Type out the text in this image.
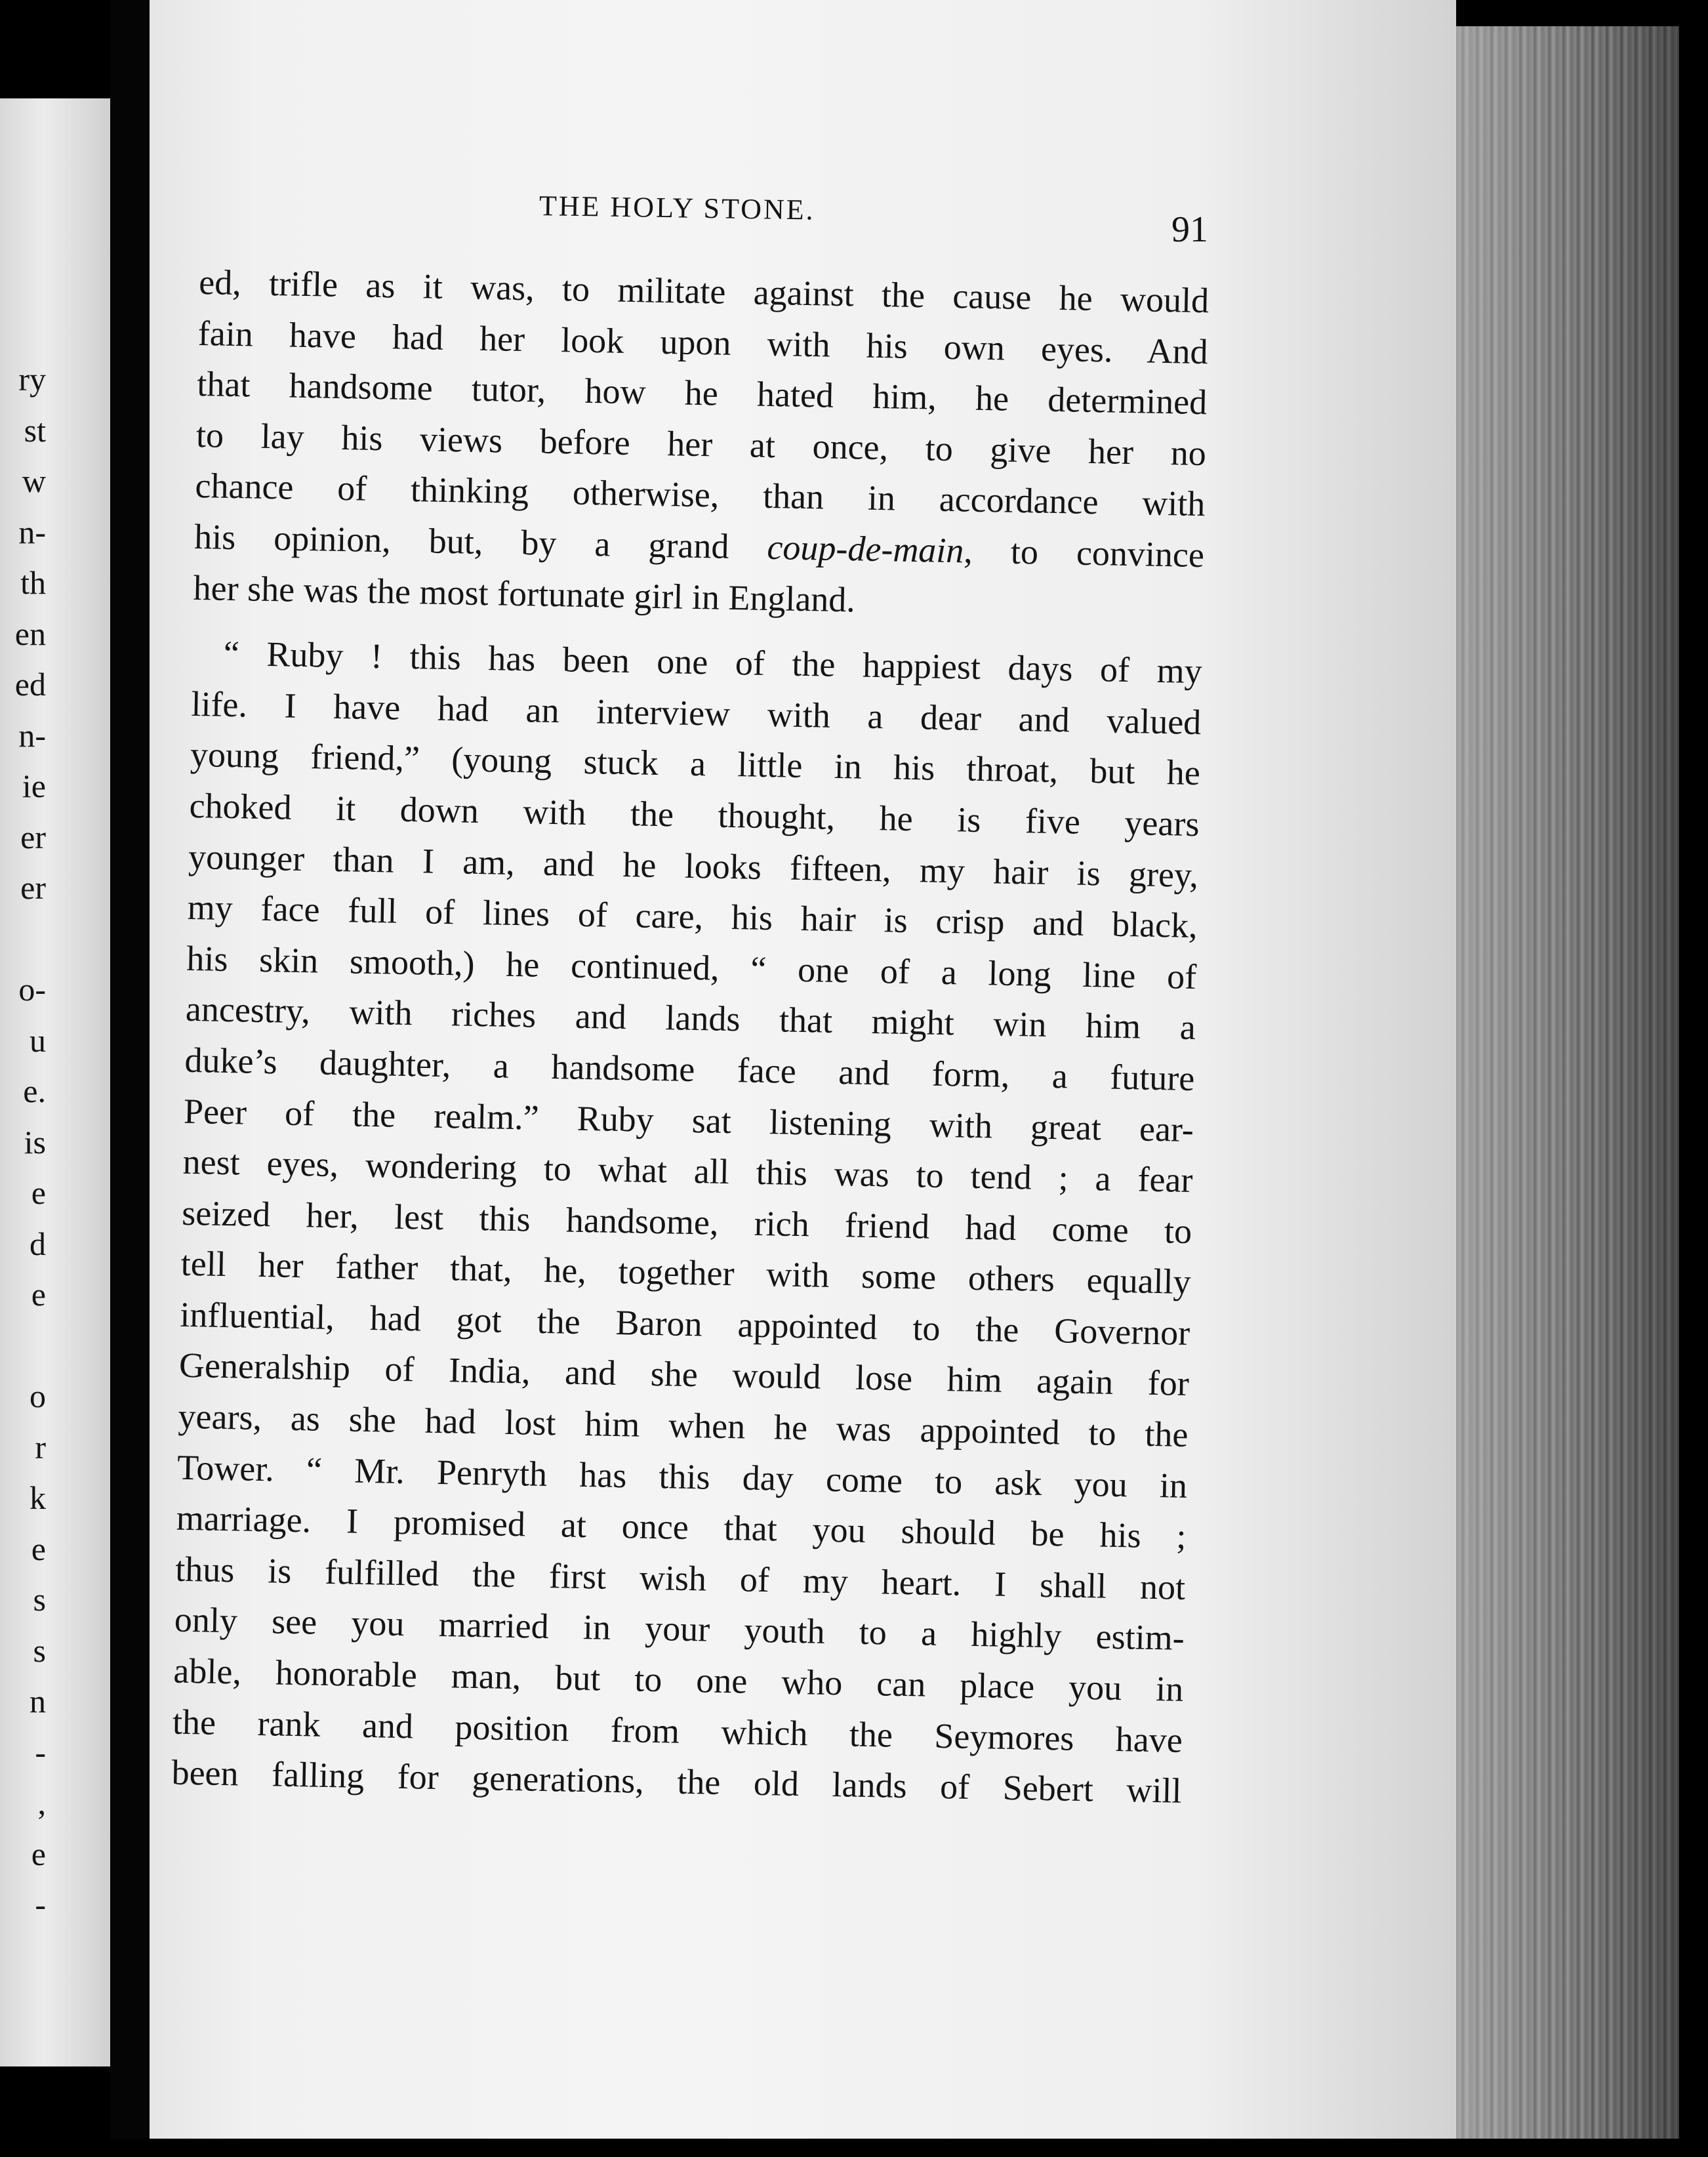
ry
st
w
n-
th
en
ed
n-
ie
er
er
o-
u
e.
is
e
d
e
o
r
k
e
s
s
n
-
,
e
-
THE HOLY STONE.
91
ed, trifle as it was, to militate against the cause he would
fain have had her look upon with his own eyes. And
that handsome tutor, how he hated him, he determined
to lay his views before her at once, to give her no
chance of thinking otherwise, than in accordance with
his opinion, but, by a grand coup-de-main, to convince
her she was the most fortunate girl in England.
“ Ruby ! this has been one of the happiest days of my
life. I have had an interview with a dear and valued
young friend,” (young stuck a little in his throat, but he
choked it down with the thought, he is five years
younger than I am, and he looks fifteen, my hair is grey,
my face full of lines of care, his hair is crisp and black,
his skin smooth,) he continued, “ one of a long line of
ancestry, with riches and lands that might win him a
duke’s daughter, a handsome face and form, a future
Peer of the realm.” Ruby sat listening with great ear-
nest eyes, wondering to what all this was to tend ; a fear
seized her, lest this handsome, rich friend had come to
tell her father that, he, together with some others equally
influential, had got the Baron appointed to the Governor
Generalship of India, and she would lose him again for
years, as she had lost him when he was appointed to the
Tower. “ Mr. Penryth has this day come to ask you in
marriage. I promised at once that you should be his ;
thus is fulfilled the first wish of my heart. I shall not
only see you married in your youth to a highly estim-
able, honorable man, but to one who can place you in
the rank and position from which the Seymores have
been falling for generations, the old lands of Sebert will
